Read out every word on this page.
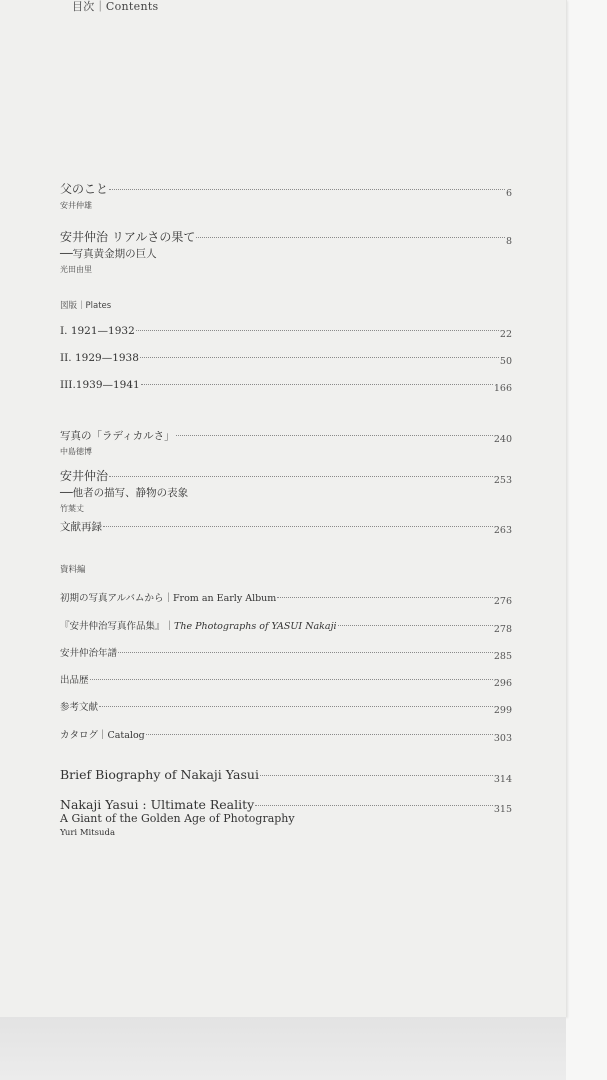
目次｜Contents
父のこと	6
安井仲雄
安井仲治 リアルさの果て	8
──写真黄金期の巨人
光田由里
図版｜Plates
I. 1921—1932	22
II. 1929—1938	50
III.1939—1941	166
写真の「ラディカルさ」	240
中島徳博
安井仲治	253
──他者の描写、静物の表象
竹葉丈
文献再録	263
資料編
初期の写真アルバムから｜From an Early Album	276
『安井仲治写真作品集』｜The Photographs of YASUI Nakaji	278
安井仲治年譜	285
出品歴	296
参考文献	299
カタログ｜Catalog	303
Brief Biography of Nakaji Yasui	314
Nakaji Yasui : Ultimate Reality	315
A Giant of the Golden Age of Photography
Yuri Mitsuda
